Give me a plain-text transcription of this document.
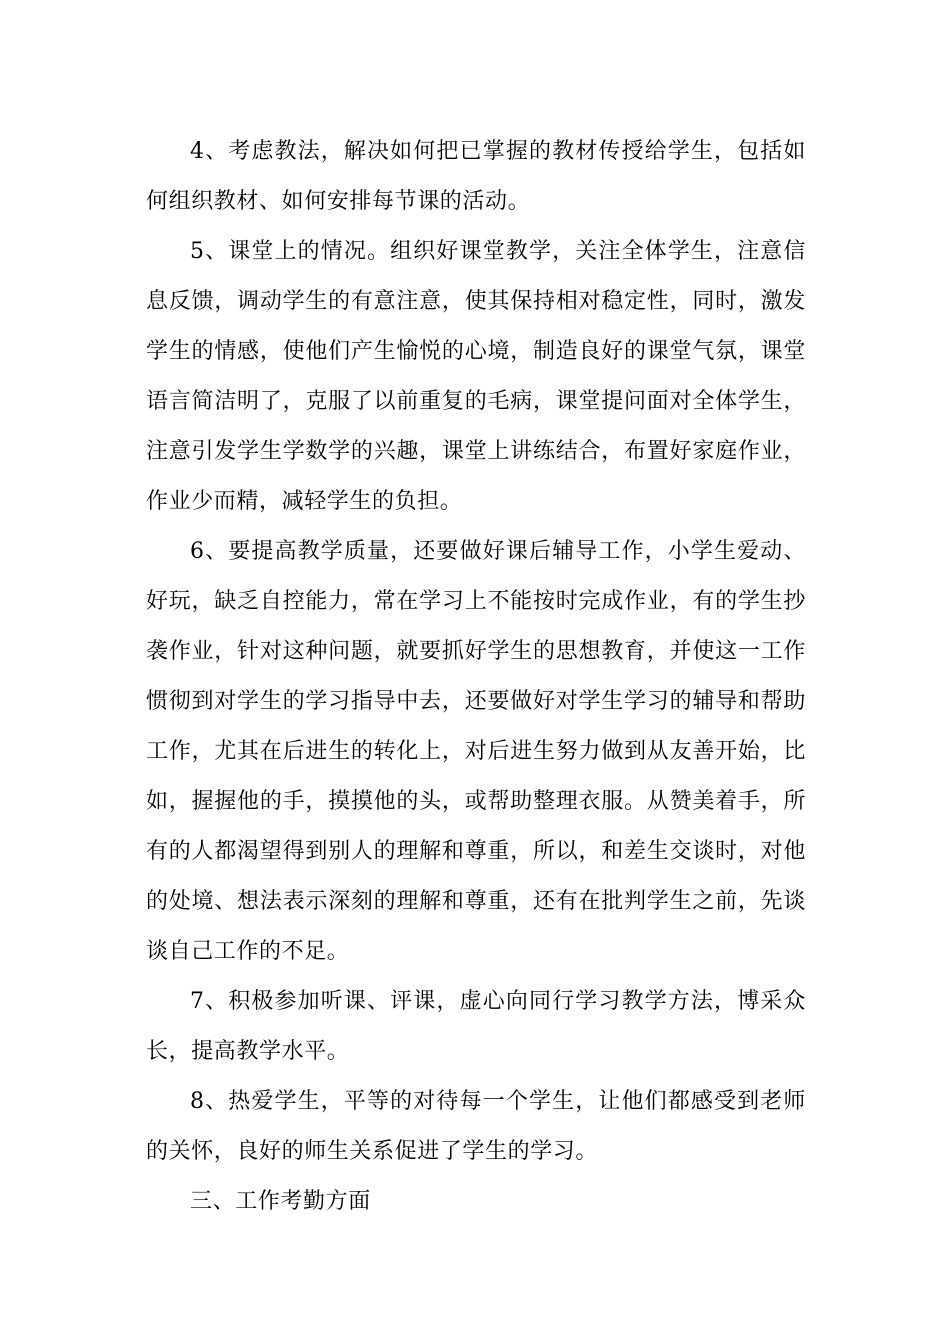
4、考虑教法，解决如何把已掌握的教材传授给学生，包括如何组织教材、如何安排每节课的活动。

5、课堂上的情况。组织好课堂教学，关注全体学生，注意信息反馈，调动学生的有意注意，使其保持相对稳定性，同时，激发学生的情感，使他们产生愉悦的心境，制造良好的课堂气氛，课堂语言简洁明了，克服了以前重复的毛病，课堂提问面对全体学生，注意引发学生学数学的兴趣，课堂上讲练结合，布置好家庭作业，作业少而精，减轻学生的负担。

6、要提高教学质量，还要做好课后辅导工作，小学生爱动、好玩，缺乏自控能力，常在学习上不能按时完成作业，有的学生抄袭作业，针对这种问题，就要抓好学生的思想教育，并使这一工作惯彻到对学生的学习指导中去，还要做好对学生学习的辅导和帮助工作，尤其在后进生的转化上，对后进生努力做到从友善开始，比如，握握他的手，摸摸他的头，或帮助整理衣服。从赞美着手，所有的人都渴望得到别人的理解和尊重，所以，和差生交谈时，对他的处境、想法表示深刻的理解和尊重，还有在批判学生之前，先谈谈自己工作的不足。

7、积极参加听课、评课，虚心向同行学习教学方法，博采众长，提高教学水平。

8、热爱学生，平等的对待每一个学生，让他们都感受到老师的关怀，良好的师生关系促进了学生的学习。

三、工作考勤方面
